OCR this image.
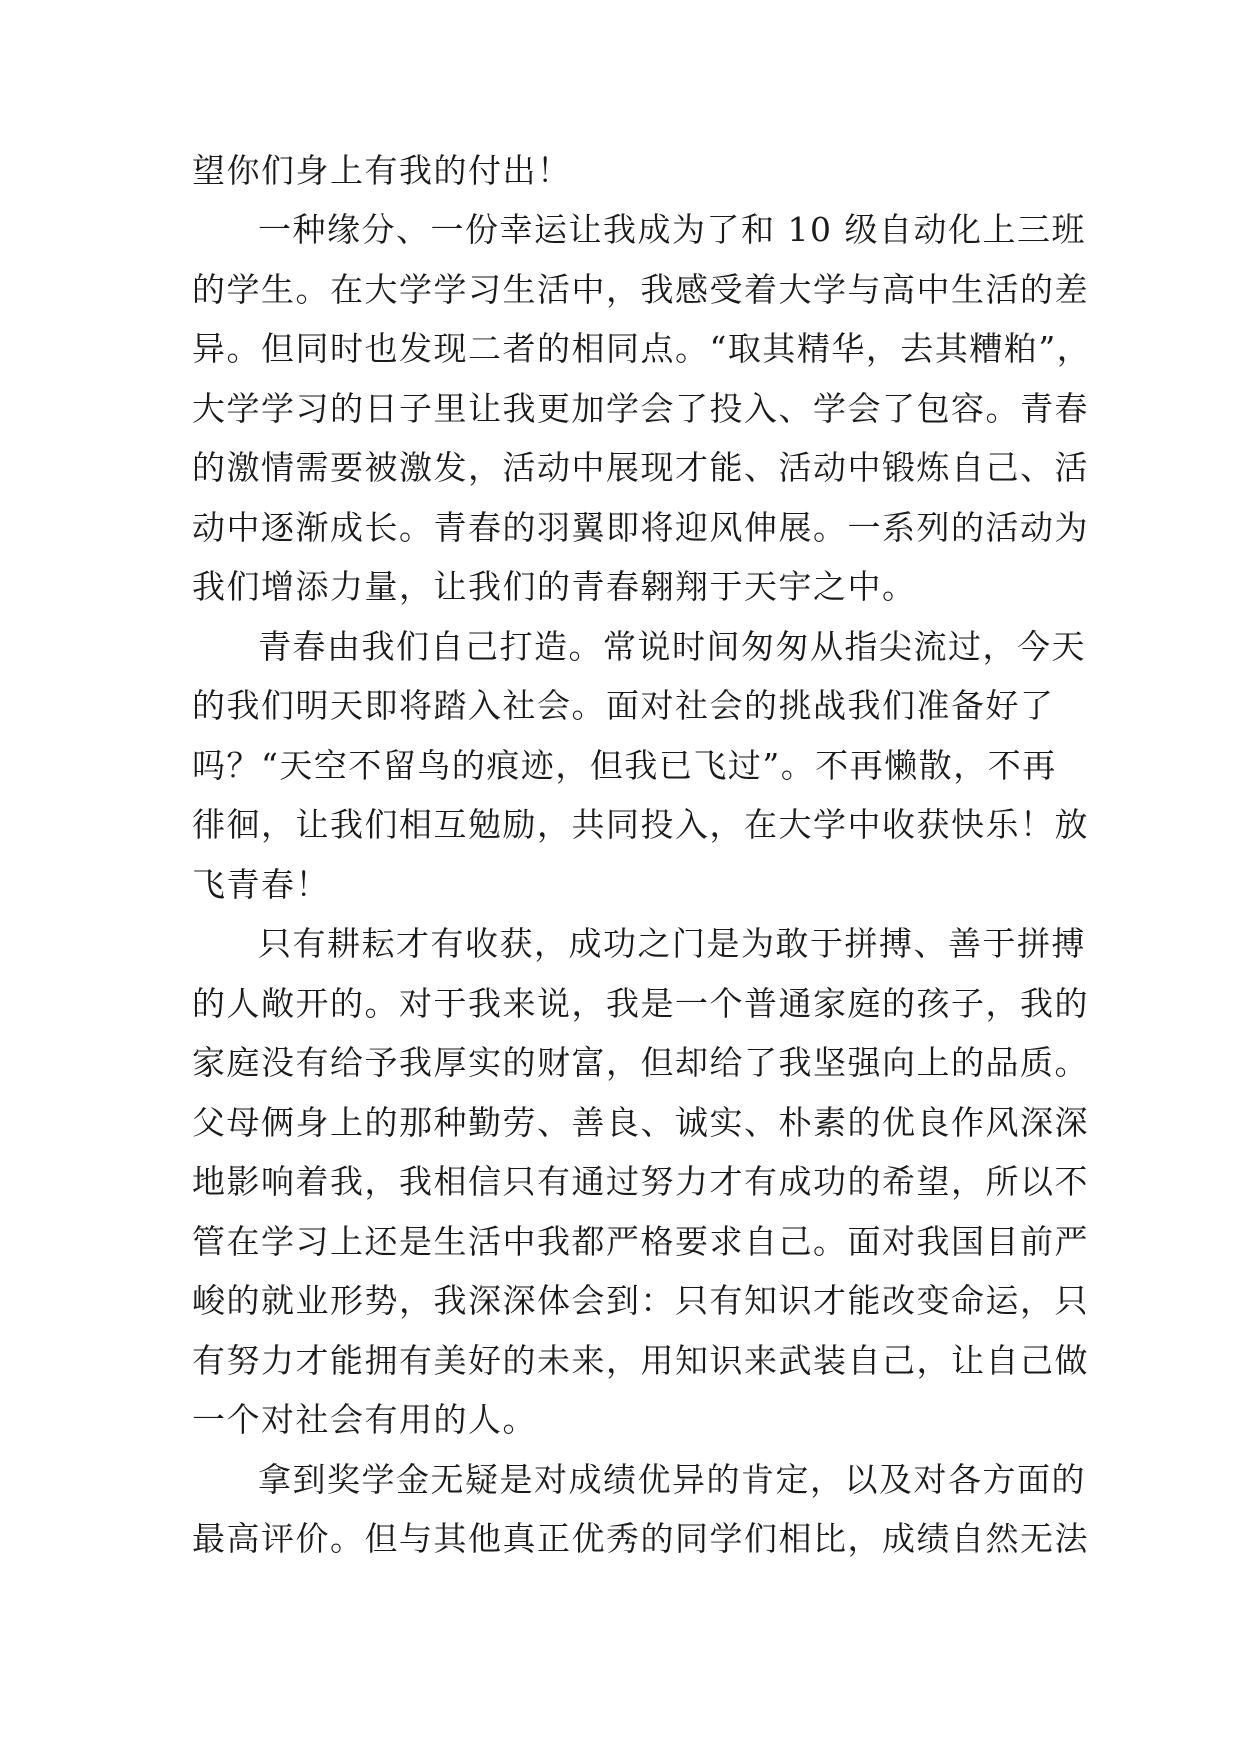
望你们身上有我的付出！
一种缘分、一份幸运让我成为了和 10 级自动化上三班
的学生。在大学学习生活中，我感受着大学与高中生活的差
异。但同时也发现二者的相同点。“取其精华，去其糟粕”，
大学学习的日子里让我更加学会了投入、学会了包容。青春
的激情需要被激发，活动中展现才能、活动中锻炼自己、活
动中逐渐成长。青春的羽翼即将迎风伸展。一系列的活动为
我们增添力量，让我们的青春翱翔于天宇之中。
青春由我们自己打造。常说时间匆匆从指尖流过，今天
的我们明天即将踏入社会。面对社会的挑战我们准备好了
吗？“天空不留鸟的痕迹，但我已飞过”。不再懒散，不再
徘徊，让我们相互勉励，共同投入，在大学中收获快乐！放
飞青春！
只有耕耘才有收获，成功之门是为敢于拼搏、善于拼搏
的人敞开的。对于我来说，我是一个普通家庭的孩子，我的
家庭没有给予我厚实的财富，但却给了我坚强向上的品质。
父母俩身上的那种勤劳、善良、诚实、朴素的优良作风深深
地影响着我，我相信只有通过努力才有成功的希望，所以不
管在学习上还是生活中我都严格要求自己。面对我国目前严
峻的就业形势，我深深体会到：只有知识才能改变命运，只
有努力才能拥有美好的未来，用知识来武装自己，让自己做
一个对社会有用的人。
拿到奖学金无疑是对成绩优异的肯定，以及对各方面的
最高评价。但与其他真正优秀的同学们相比，成绩自然无法
